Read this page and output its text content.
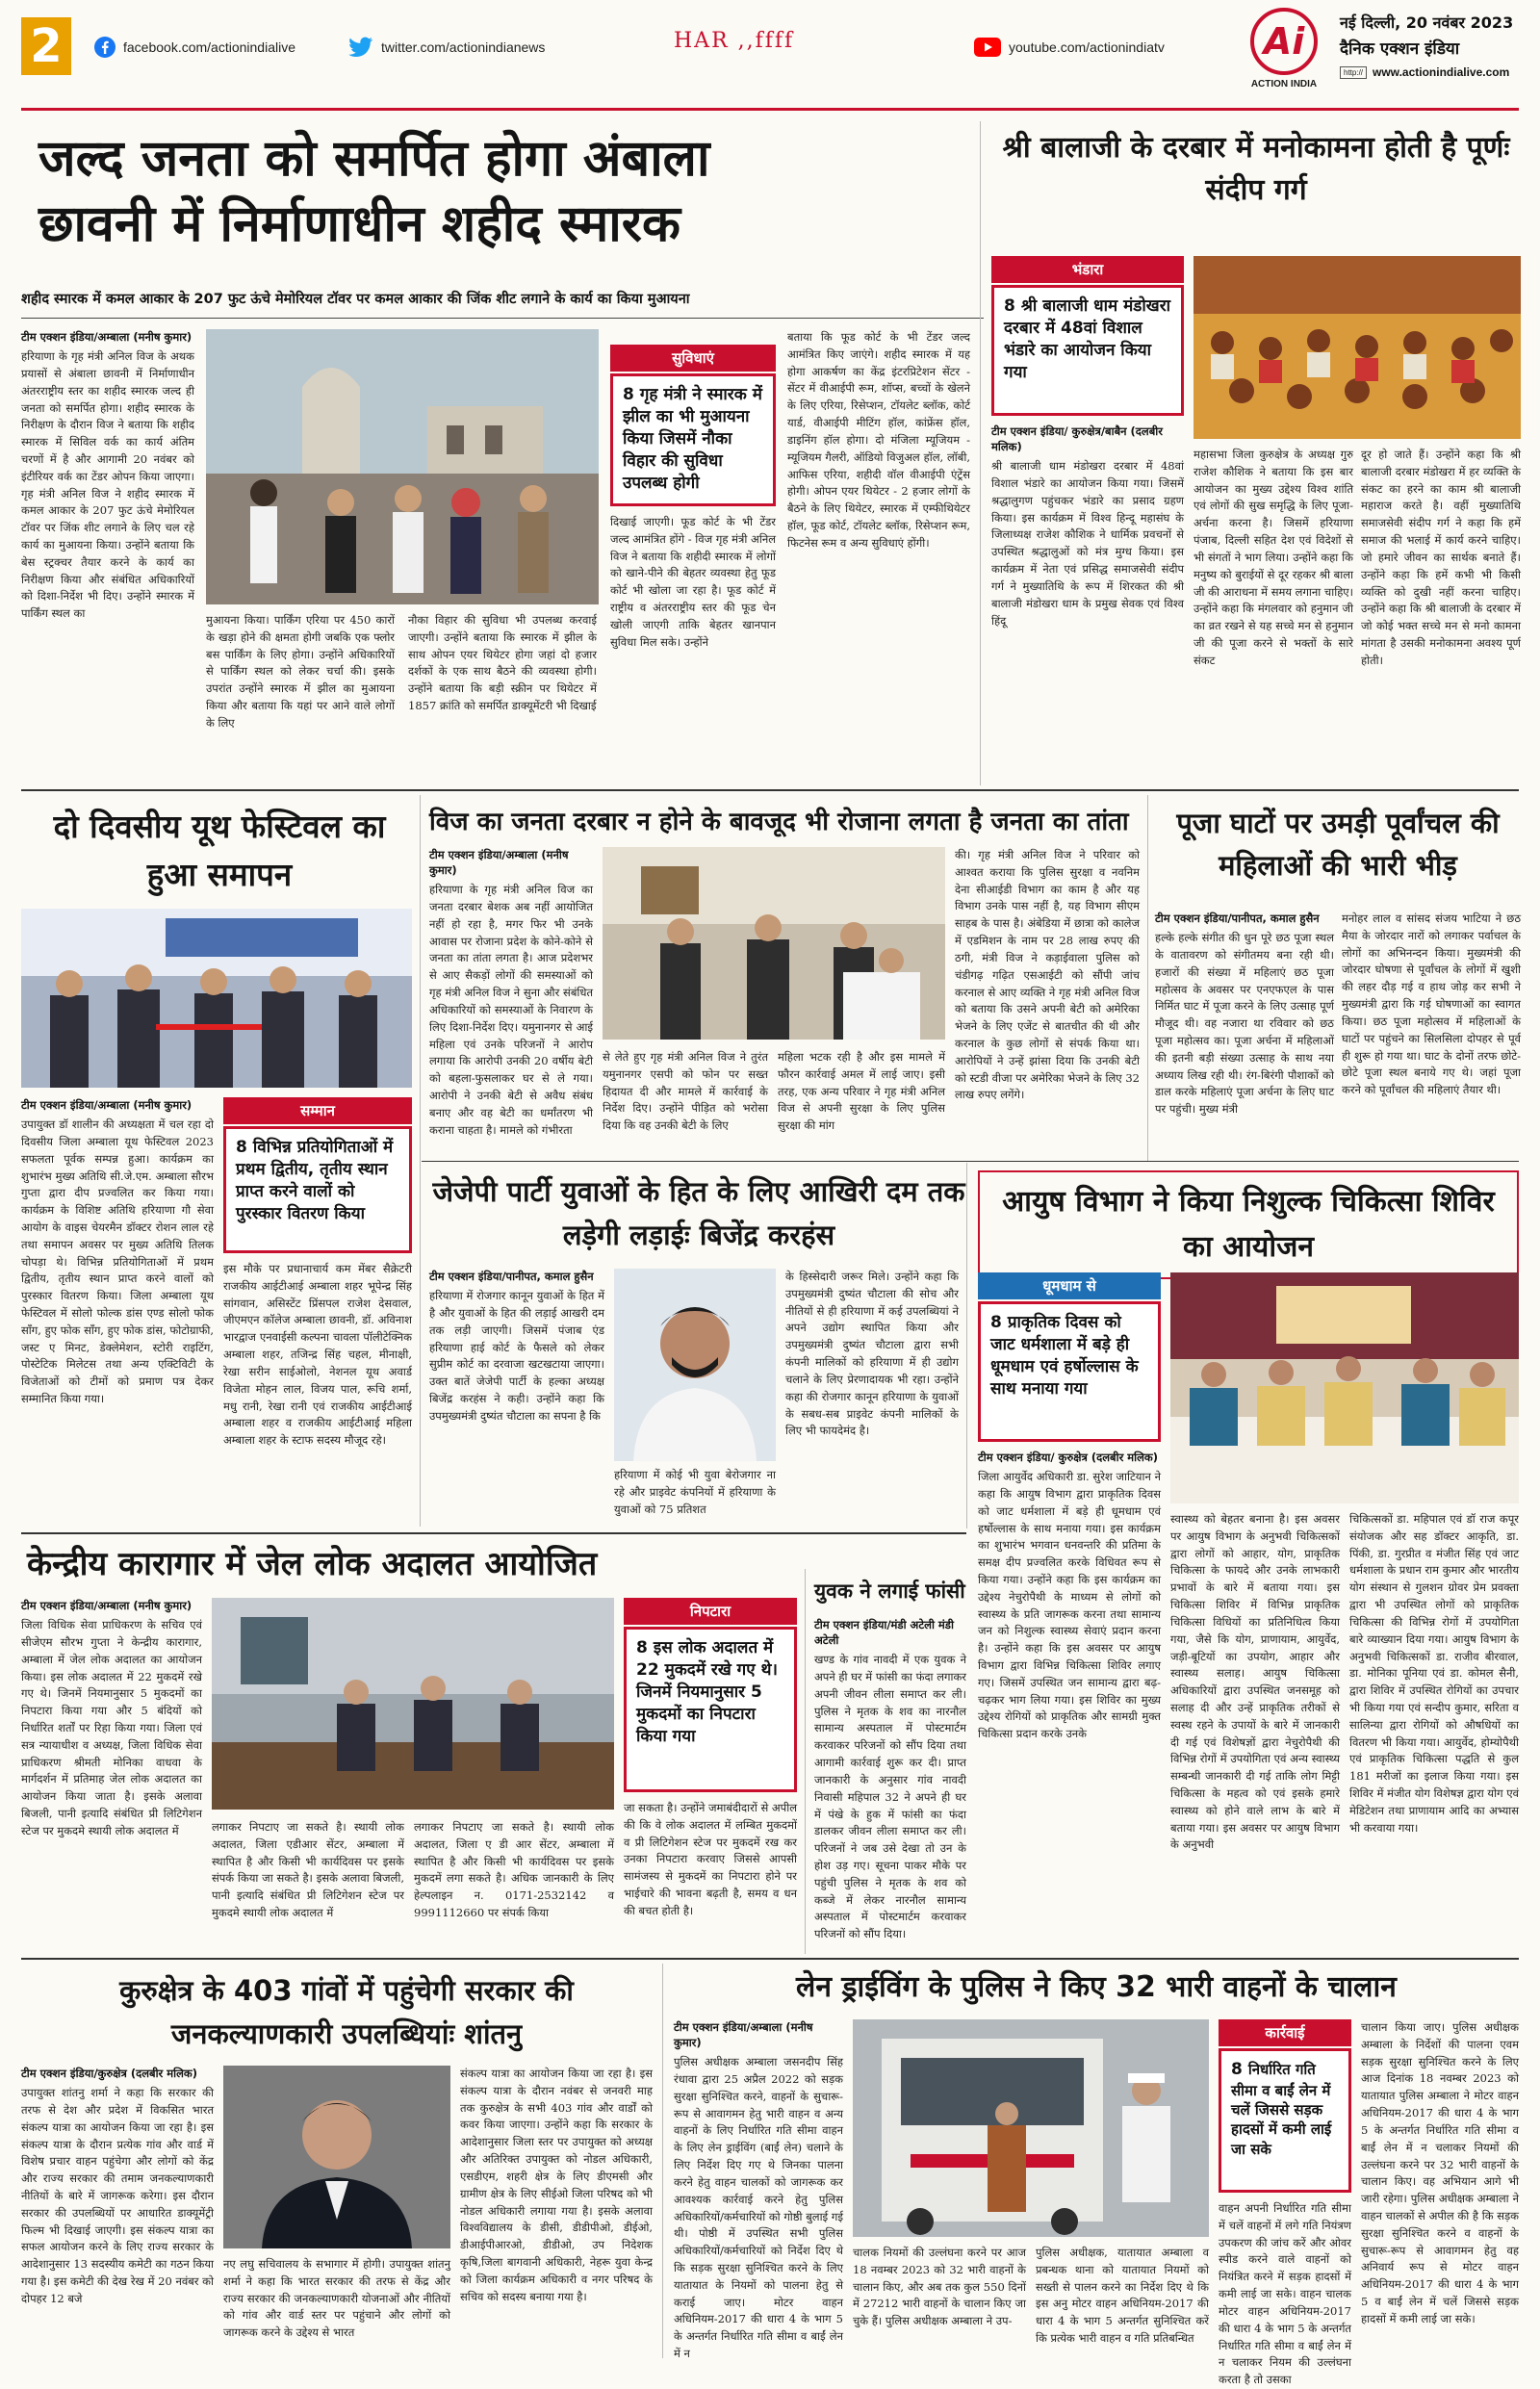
2	facebook.com/actionindialive	twitter.com/actionindianews	HAR ,,ffff	youtube.com/actionindiatv	Ai
ACTION INDIA
नई दिल्ली, 20 नवंबर 2023
दैनिक एक्शन इंडिया
http:// www.actionindialive.com
जल्द जनता को समर्पित होगा अंबाला
छावनी में निर्माणाधीन शहीद स्मारक
शहीद स्मारक में कमल आकार के 207 फुट ऊंचे मेमोरियल टॉवर पर कमल आकार की जिंक शीट लगाने के कार्य का किया मुआयना
टीम एक्शन इंडिया/अम्बाला (मनीष कुमार)
हरियाणा के गृह मंत्री अनिल विज के अथक प्रयासों से अंबाला छावनी में निर्माणाधीन अंतरराष्ट्रीय स्तर का शहीद स्मारक जल्द ही जनता को समर्पित होगा। शहीद स्मारक के निरीक्षण के दौरान विज ने बताया कि शहीद स्मारक में सिविल वर्क का कार्य अंतिम चरणों में है और आगामी 20 नवंबर को इंटीरियर वर्क का टेंडर ओपन किया जाएगा। गृह मंत्री अनिल विज ने शहीद स्मारक में कमल आकार के 207 फुट ऊंचे मेमोरियल टॉवर पर जिंक शीट लगाने के लिए चल रहे कार्य का मुआयना किया। उन्होंने बताया कि बेस स्ट्रक्चर तैयार करने के कार्य का निरीक्षण किया और संबंधित अधिकारियों को दिशा-निर्देश भी दिए। उन्होंने स्मारक में पार्किंग स्थल का	मुआयना किया। पार्किंग एरिया पर 450 कारों के खड़ा होने की क्षमता होगी जबकि एक फ्लोर बस पार्किंग के लिए होगा। उन्होंने अधिकारियों से पार्किंग स्थल को लेकर चर्चा की। इसके उपरांत उन्होंने स्मारक में झील का मुआयना किया और बताया कि यहां पर आने वाले लोगों के लिए
नौका विहार की सुविधा भी उपलब्ध करवाई जाएगी। उन्होंने बताया कि स्मारक में झील के साथ ओपन एयर थियेटर होगा जहां दो हजार दर्शकों के एक साथ बैठने की व्यवस्था होगी। उन्होंने बताया कि बड़ी स्क्रीन पर थियेटर में 1857 क्रांति को समर्पित डाक्यूमेंटरी भी दिखाई
सुविधाएं
8 गृह मंत्री ने स्मारक में झील का भी मुआयना किया जिसमें नौका विहार की सुविधा उपलब्ध होगी
दिखाई जाएगी। फूड कोर्ट के भी टेंडर जल्द आमंत्रित होंगे - विज गृह मंत्री अनिल विज ने बताया कि शहीदी स्मारक में लोगों को खाने-पीने की बेहतर व्यवस्था हेतु फूड कोर्ट भी खोला जा रहा है। फूड कोर्ट में राष्ट्रीय व अंतरराष्ट्रीय स्तर की फूड चेन खोली जाएगी ताकि बेहतर खानपान सुविधा मिल सके। उन्होंने
बताया कि फूड कोर्ट के भी टेंडर जल्द आमंत्रित किए जाएंगे। शहीद स्मारक में यह होगा आकर्षण का केंद्र इंटरप्रिटेशन सेंटर - सेंटर में वीआईपी रूम, शॉप्स, बच्चों के खेलने के लिए एरिया, रिसेप्शन, टॉयलेट ब्लॉक, कोर्ट यार्ड, वीआईपी मीटिंग हॉल, कांफ्रेंस हॉल, डाइनिंग हॉल होगा। दो मंजिला म्यूजियम - म्यूजियम गैलरी, ऑडियो विजुअल हॉल, लॉबी, आफिस एरिया, शहीदी वॉल वीआईपी एंट्रेंस होगी। ओपन एयर थियेटर - 2 हजार लोगों के बैठने के लिए थियेटर, स्मारक में एम्फीथियेटर हॉल, फूड कोर्ट, टॉयलेट ब्लॉक, रिसेप्शन रूम, फिटनेस रूम व अन्य सुविधाएं होंगी।
श्री बालाजी के दरबार में मनोकामना होती है पूर्णः संदीप गर्ग
भंडारा
8 श्री बालाजी धाम मंडोखरा दरबार में 48वां विशाल भंडारे का आयोजन किया गया
टीम एक्शन इंडिया/ कुरुक्षेत्र/बाबैन (दलबीर मलिक)
श्री बालाजी धाम मंडोखरा दरबार में 48वां विशाल भंडारे का आयोजन किया गया। जिसमें श्रद्धालुगण पहुंचकर भंडारे का प्रसाद ग्रहण किया। इस कार्यक्रम में विश्व हिन्दू महासंघ के जिलाध्यक्ष राजेश कौशिक ने धार्मिक प्रवचनों से उपस्थित श्रद्धालुओं को मंत्र मुग्ध किया। इस कार्यक्रम में नेता एवं प्रसिद्ध समाजसेवी संदीप गर्ग ने मुख्यातिथि के रूप में शिरकत की श्री बालाजी मंडोखरा धाम के प्रमुख सेवक एवं विश्व हिंदू
महासभा जिला कुरुक्षेत्र के अध्यक्ष गुरु राजेश कौशिक ने बताया कि इस बार आयोजन का मुख्य उद्देश्य विश्व शांति एवं लोगों की सुख समृद्धि के लिए पूजा-अर्चना करना है। जिसमें हरियाणा पंजाब, दिल्ली सहित देश एवं विदेशों से भी संगतों ने भाग लिया। उन्होंने कहा कि मनुष्य को बुराईयों से दूर रहकर श्री बाला जी की आराधना में समय लगाना चाहिए। उन्होंने कहा कि मंगलवार को हनुमान जी का व्रत रखने से यह सच्चे मन से हनुमान जी की पूजा करने से भक्तों के सारे संकट
दूर हो जाते हैं। उन्होंने कहा कि श्री बालाजी दरबार मंडोखरा में हर व्यक्ति के संकट का हरने का काम श्री बालाजी महाराज करते है। वहीं मुख्यातिथि समाजसेवी संदीप गर्ग ने कहा कि हमें समाज की भलाई में कार्य करने चाहिए। जो हमारे जीवन का सार्थक बनाते हैं। उन्होंने कहा कि हमें कभी भी किसी व्यक्ति को दुखी नहीं करना चाहिए। उन्होंने कहा कि श्री बालाजी के दरबार में जो कोई भक्त सच्चे मन से मनो कामना मांगता है उसकी मनोकामना अवश्य पूर्ण होती।
दो दिवसीय यूथ फेस्टिवल का हुआ समापन
टीम एक्शन इंडिया/अम्बाला (मनीष कुमार)
उपायुक्त डॉ शालीन की अध्यक्षता में चल रहा दो दिवसीय जिला अम्बाला यूथ फेस्टिवल 2023 सफलता पूर्वक सम्पन्न हुआ। कार्यक्रम का शुभारंभ मुख्य अतिथि सी.जे.एम. अम्बाला सौरभ गुप्ता द्वारा दीप प्रज्वलित कर किया गया। कार्यक्रम के विशिष्ट अतिथि हरियाणा गौ सेवा आयोग के वाइस चेयरमैन डॉक्टर रोशन लाल रहे तथा समापन अवसर पर मुख्य अतिथि तिलक चोपड़ा थे। विभिन्न प्रतियोगिताओं में प्रथम द्वितीय, तृतीय स्थान प्राप्त करने वालों को पुरस्कार वितरण किया। जिला अम्बाला यूथ फेस्टिवल में सोलो फोल्क डांस एण्ड सोलो फोक सॉंग, हुए फोक सॉंग, हुए फोक डांस, फोटोग्राफी, जस्ट ए मिनट, डेक्लेमेशन, स्टोरी राइटिंग, पोस्टेटिक मिलेटस तथा अन्य एक्टिविटी के विजेताओं को टीमों को प्रमाण पत्र देकर सम्मानित किया गया।
सम्मान
8 विभिन्न प्रतियोगिताओं में प्रथम द्वितीय, तृतीय स्थान प्राप्त करने वालों को पुरस्कार वितरण किया
इस मौके पर प्रधानाचार्य कम मेंबर सैक्रेटरी राजकीय आईटीआई अम्बाला शहर भूपेन्द्र सिंह सांगवान, असिस्टेंट प्रिंसपल राजेश देसवाल, जीएमएन कॉलेज अम्बाला छावनी, डॉ. अविनाश भारद्वाज एनवाईसी कल्पना चावला पॉलीटेक्निक अम्बाला शहर, तजिन्द्र सिंह चहल, मीनाक्षी, रेखा सरीन साईओलो, नेशनल यूथ अवार्ड विजेता मोहन लाल, विजय पाल, रूचि शर्मा, मधु रानी, रेखा रानी एवं राजकीय आईटीआई अम्बाला शहर व राजकीय आईटीआई महिला अम्बाला शहर के स्टाफ सदस्य मौजूद रहे।
विज का जनता दरबार न होने के बावजूद भी रोजाना लगता है जनता का तांता
टीम एक्शन इंडिया/अम्बाला (मनीष कुमार)
हरियाणा के गृह मंत्री अनिल विज का जनता दरबार बेशक अब नहीं आयोजित नहीं हो रहा है, मगर फिर भी उनके आवास पर रोजाना प्रदेश के कोने-कोने से जनता का तांता लगता है। आज प्रदेशभर से आए सैकड़ों लोगों की समस्याओं को गृह मंत्री अनिल विज ने सुना और संबंधित अधिकारियों को समस्याओं के निवारण के लिए दिशा-निर्देश दिए। यमुनानगर से आई महिला एवं उनके परिजनों ने आरोप लगाया कि आरोपी उनकी 20 वर्षीय बेटी को बहला-फुसलाकर घर से ले गया। आरोपी ने उनकी बेटी से अवैध संबंध बनाए और वह बेटी का धर्मांतरण भी कराना चाहता है। मामले को गंभीरता
से लेते हुए गृह मंत्री अनिल विज ने तुरंत यमुनानगर एसपी को फोन पर सख्त हिदायत दी और मामले में कार्रवाई के निर्देश दिए। उन्होंने पीड़ित को भरोसा दिया कि वह उनकी बेटी के लिए
महिला भटक रही है और इस मामले में फौरन कार्रवाई अमल में लाई जाए। इसी तरह, एक अन्य परिवार ने गृह मंत्री अनिल विज से अपनी सुरक्षा के लिए पुलिस सुरक्षा की मांग
की। गृह मंत्री अनिल विज ने परिवार को आश्वत कराया कि पुलिस सुरक्षा व नवनिम देना सीआईडी विभाग का काम है और यह विभाग उनके पास नहीं है, यह विभाग सीएम साहब के पास है। अंबेडिया में छात्रा को कालेज में एडमिशन के नाम पर 28 लाख रुपए की ठगी, मंत्री विज ने कड़ाईवाला पुलिस को चंडीगढ़ गढ़ित एसआईटी को सौंपी जांच करनाल से आए व्यक्ति ने गृह मंत्री अनिल विज को बताया कि उसने अपनी बेटी को अमेरिका भेजने के लिए एजेंट से बातचीत की थी और करनाल के कुछ लोगों से संपर्क किया था। आरोपियों ने उन्हें झांसा दिया कि उनकी बेटी को स्टडी वीजा पर अमेरिका भेजने के लिए 32 लाख रुपए लगेंगे।
पूजा घाटों पर उमड़ी पूर्वांचल की महिलाओं की भारी भीड़
टीम एक्शन इंडिया/पानीपत, कमाल हुसैन
हल्के हल्के संगीत की धुन पूरे छठ पूजा स्थल के वातावरण को संगीतमय बना रही थी। हजारों की संख्या में महिलाएं छठ पूजा महोत्सव के अवसर पर एनएफएल के पास निर्मित घाट में पूजा करने के लिए उत्साह पूर्ण मौजूद थी। वह नजारा था रविवार को छठ पूजा महोत्सव का। पूजा अर्चना में महिलाओं की इतनी बड़ी संख्या उत्साह के साथ नया अध्याय लिख रही थी। रंग-बिरंगी पौशाकों को डाल करके महिलाएं पूजा अर्चना के लिए घाट पर पहुंची। मुख्य मंत्री
मनोहर लाल व सांसद संजय भाटिया ने छठ मैया के जोरदार नारों को लगाकर पर्वाचल के लोगों का अभिनन्दन किया। मुख्यमंत्री की जोरदार घोषणा से पूर्वांचल के लोगों में खुशी की लहर दौड़ गई व हाथ जोड़ कर सभी ने मुख्यमंत्री द्वारा कि गई घोषणाओं का स्वागत किया। छठ पूजा महोत्सव में महिलाओं के घाटों पर पहुंचने का सिलसिला दोपहर से पूर्व ही शुरू हो गया था। घाट के दोनों तरफ छोटे-छोटे पूजा स्थल बनाये गए थे। जहां पूजा करने को पूर्वांचल की महिलाएं तैयार थी।
जेजेपी पार्टी युवाओं के हित के लिए आखिरी दम तक लड़ेगी लड़ाईः बिजेंद्र करहंस
टीम एक्शन इंडिया/पानीपत, कमाल हुसैन
हरियाणा में रोजगार कानून युवाओं के हित में है और युवाओं के हित की लड़ाई आखरी दम तक लड़ी जाएगी। जिसमें पंजाब एंड हरियाणा हाई कोर्ट के फैसले को लेकर सुप्रीम कोर्ट का दरवाजा खटखटाया जाएगा। उक्त बातें जेजेपी पार्टी के हल्का अध्यक्ष बिजेंद्र करहंस ने कही। उन्होंने कहा कि उपमुख्यमंत्री दुष्यंत चौटाला का सपना है कि
हरियाणा में कोई भी युवा बेरोजगार ना रहे और प्राइवेट कंपनियों में हरियाणा के युवाओं को 75 प्रतिशत
के हिस्सेदारी जरूर मिले। उन्होंने कहा कि उपमुख्यमंत्री दुष्यंत चौटाला की सोच और नीतियों से ही हरियाणा में कई उपलब्धियां ने अपने उद्योग स्थापित किया और उपमुख्यमंत्री दुष्यंत चौटाला द्वारा सभी कंपनी मालिकों को हरियाणा में ही उद्योग चलाने के लिए प्रेरणादायक भी रहा। उन्होंने कहा की रोजगार कानून हरियाणा के युवाओं के सबध-सब प्राइवेट कंपनी मालिकों के लिए भी फायदेमंद है।
आयुष विभाग ने किया निशुल्क चिकित्सा शिविर का आयोजन
धूमधाम से
8 प्राकृतिक दिवस को जाट धर्मशाला में बड़े ही धूमधाम एवं हर्षोल्लास के साथ मनाया गया
टीम एक्शन इंडिया/ कुरुक्षेत्र (दलबीर मलिक)
जिला आयुर्वेद अधिकारी डा. सुरेश जाटियान ने कहा कि आयुष विभाग द्वारा प्राकृतिक दिवस को जाट धर्मशाला में बड़े ही धूमधाम एवं हर्षोल्लास के साथ मनाया गया। इस कार्यक्रम का शुभारंभ भगवान धनवन्तरि की प्रतिमा के समक्ष दीप प्रज्वलित करके विधिवत रूप से किया गया। उन्होंने कहा कि इस कार्यक्रम का उद्देश्य नेचुरोपैथी के माध्यम से लोगों को स्वास्थ्य के प्रति जागरूक करना तथा सामान्य जन को निशुल्क स्वास्थ्य सेवाएं प्रदान करना है। उन्होंने कहा कि इस अवसर पर आयुष विभाग द्वारा विभिन्न चिकित्सा शिविर लगाए गए। जिसमें उपस्थित जन सामान्य द्वारा बढ़-चढ़कर भाग लिया गया। इस शिविर का मुख्य उद्देश्य रोगियों को प्राकृतिक और सामग्री मुक्त चिकित्सा प्रदान करके उनके
स्वास्थ्य को बेहतर बनाना है। इस अवसर पर आयुष विभाग के अनुभवी चिकित्सकों द्वारा लोगों को आहार, योग, प्राकृतिक चिकित्सा के फायदे और उनके लाभकारी प्रभावों के बारे में बताया गया। इस चिकित्सा शिविर में विभिन्न प्राकृतिक चिकित्सा विधियों का प्रतिनिधित्व किया गया, जैसे कि योग, प्राणायाम, आयुर्वेद, जड़ी-बूटियों का उपयोग, आहार और स्वास्थ्य सलाह। आयुष चिकित्सा अधिकारियों द्वारा उपस्थित जनसमूह को सलाह दी और उन्हें प्राकृतिक तरीकों से स्वस्थ रहने के उपायों के बारे में जानकारी दी गई एवं विशेषज्ञों द्वारा नेचुरोपैथी की विभिन्न रोगों में उपयोगिता एवं अन्य स्वास्थ्य सम्बन्धी जानकारी दी गई ताकि लोग मिट्टी चिकित्सा के महत्व को एवं इसके हमारे स्वास्थ्य को होने वाले लाभ के बारे में बताया गया। इस अवसर पर आयुष विभाग के अनुभवी
चिकित्सकों डा. महिपाल एवं डॉ राज कपूर संयोजक और सह डॉक्टर आकृति, डा. पिंकी, डा. गुरप्रीत व मंजीत सिंह एवं जाट धर्मशाला के प्रधान राम कुमार और भारतीय योग संस्थान से गुलशन ग्रोवर प्रेम प्रवक्ता द्वारा भी उपस्थित लोगों को प्राकृतिक चिकित्सा की विभिन्न रोगों में उपयोगिता बारे व्याख्यान दिया गया। आयुष विभाग के अनुभवी चिकित्सकों डा. राजीव बीरवाल, डा. मोनिका पूनिया एवं डा. कोमल सैनी, द्वारा शिविर में उपस्थित रोगियों का उपचार भी किया गया एवं सन्दीप कुमार, सरिता व सालिन्या द्वारा रोगियों को औषधियों का वितरण भी किया गया। आयुर्वेद, होम्योपैथी एवं प्राकृतिक चिकित्सा पद्धति से कुल 181 मरीजों का इलाज किया गया। इस शिविर में मंजीत योग विशेषज्ञ द्वारा योग एवं मेडिटेशन तथा प्राणायाम आदि का अभ्यास भी करवाया गया।
केन्द्रीय कारागार में जेल लोक अदालत आयोजित
टीम एक्शन इंडिया/अम्बाला (मनीष कुमार)
जिला विधिक सेवा प्राधिकरण के सचिव एवं सीजेएम सौरभ गुप्ता ने केन्द्रीय कारागार, अम्बाला में जेल लोक अदालत का आयोजन किया। इस लोक अदालत में 22 मुकदमें रखे गए थे। जिनमें नियमानुसार 5 मुकदमों का निपटारा किया गया और 5 बंदियों को निर्धारित शर्तों पर रिहा किया गया। जिला एवं सत्र न्यायाधीश व अध्यक्ष, जिला विधिक सेवा प्राधिकरण श्रीमती मोनिका वाधवा के मार्गदर्शन में प्रतिमाह जेल लोक अदालत का आयोजन किया जाता है। इसके अलावा बिजली, पानी इत्यादि संबंधित प्री लिटिगेशन स्टेज पर मुकदमे स्थायी लोक अदालत में	लगाकर निपटाए जा सकते है। स्थायी लोक अदालत, जिला एडीआर सेंटर, अम्बाला में स्थापित है और किसी भी कार्यदिवस पर इसके संपर्क किया जा सकते है। इसके अलावा बिजली, पानी इत्यादि संबंधित प्री लिटिगेशन स्टेज पर मुकदमे स्थायी लोक अदालत में
लगाकर निपटाए जा सकते है। स्थायी लोक अदालत, जिला ए डी आर सेंटर, अम्बाला में स्थापित है और किसी भी कार्यदिवस पर इसके मुकदमें लगा सकते है। अधिक जानकारी के लिए हेल्पलाइन न. 0171-2532142 व 9991112660 पर संपर्क किया
निपटारा
8 इस लोक अदालत में 22 मुकदमें रखे गए थे। जिनमें नियमानुसार 5 मुकदमों का निपटारा किया गया
जा सकता है। उन्होंने जमाबंदीदारों से अपील की कि वे लोक अदालत में लम्बित मुकदमों व प्री लिटिगेशन स्टेज पर मुकदमें रख कर उनका निपटारा करवाए जिससे आपसी सामंजस्य से मुकदमें का निपटारा होने पर भाईचारे की भावना बढ़ती है, समय व धन की बचत होती है।
युवक ने लगाई फांसी
टीम एक्शन इंडिया/मंडी अटेली मंडी अटेली
खण्ड के गांव नावदी में एक युवक ने अपने ही घर में फांसी का फंदा लगाकर अपनी जीवन लीला समाप्त कर ली। पुलिस ने मृतक के शव का नारनौल सामान्य अस्पताल में पोस्टमार्टम करवाकर परिजनों को सौंप दिया तथा आगामी कार्रवाई शुरू कर दी। प्राप्त जानकारी के अनुसार गांव नावदी निवासी महिपाल 32 ने अपने ही घर में पंखे के हुक में फांसी का फंदा डालकर जीवन लीला समाप्त कर ली। परिजनों ने जब उसे देखा तो उन के होश उड़ गए। सूचना पाकर मौके पर पहुंची पुलिस ने मृतक के शव को कब्जे में लेकर नारनौल सामान्य अस्पताल में पोस्टमार्टम करवाकर परिजनों को सौंप दिया।
कुरुक्षेत्र के 403 गांवों में पहुंचेगी सरकार की
जनकल्याणकारी उपलब्धियांः शांतनु
टीम एक्शन इंडिया/कुरुक्षेत्र (दलबीर मलिक)
उपायुक्त शांतनु शर्मा ने कहा कि सरकार की तरफ से देश और प्रदेश में विकसित भारत संकल्प यात्रा का आयोजन किया जा रहा है। इस संकल्प यात्रा के दौरान प्रत्येक गांव और वार्ड में विशेष प्रचार वाहन पहुंचेगा और लोगों को केंद्र और राज्य सरकार की तमाम जनकल्याणकारी नीतियों के बारे में जागरूक करेगा। इस दौरान सरकार की उपलब्धियों पर आधारित डाक्यूमेंट्री फिल्म भी दिखाई जाएगी। इस संकल्प यात्रा का सफल आयोजन करने के लिए राज्य सरकार के आदेशानुसार 13 सदस्यीय कमेटी का गठन किया गया है। इस कमेटी की देख रेख में 20 नवंबर को दोपहर 12 बजे
नए लघु सचिवालय के सभागार में होगी। उपायुक्त शांतनु शर्मा ने कहा कि भारत सरकार की तरफ से केंद्र और राज्य सरकार की जनकल्याणकारी योजनाओं और नीतियों को गांव और वार्ड स्तर पर पहुंचाने और लोगों को जागरूक करने के उद्देश्य से भारत
संकल्प यात्रा का आयोजन किया जा रहा है। इस संकल्प यात्रा के दौरान नवंबर से जनवरी माह तक कुरुक्षेत्र के सभी 403 गांव और वार्डों को कवर किया जाएगा। उन्होंने कहा कि सरकार के आदेशानुसार जिला स्तर पर उपायुक्त को अध्यक्ष और अतिरिक्त उपायुक्त को नोडल अधिकारी, एसडीएम, शहरी क्षेत्र के लिए डीएमसी और ग्रामीण क्षेत्र के लिए सीईओ जिला परिषद को भी नोडल अधिकारी लगाया गया है। इसके अलावा विश्वविद्यालय के डीसी, डीडीपीओ, डीईओ, डीआईपीआरओ, डीडीओ, उप निदेशक कृषि,जिला बागवानी अधिकारी, नेहरू युवा केन्द्र को जिला कार्यक्रम अधिकारी व नगर परिषद के सचिव को सदस्य बनाया गया है।
लेन ड्राईविंग के पुलिस ने किए 32 भारी वाहनों के चालान
टीम एक्शन इंडिया/अम्बाला (मनीष कुमार)
पुलिस अधीक्षक अम्बाला जसनदीप सिंह रंधावा द्वारा 25 अप्रैल 2022 को सड़क सुरक्षा सुनिश्चित करने, वाहनों के सुचारू-रूप से आवागमन हेतु भारी वाहन व अन्य वाहनों के लिए निर्धारित गति सीमा वाहन के लिए लेन ड्राईविंग (बाईं लेन) चलाने के लिए निर्देश दिए गए थे जिनका पालना करने हेतु वाहन चालकों को जागरूक कर आवश्यक कार्रवाई करने हेतु पुलिस अधिकारियों/कर्मचारियों को गोष्ठी बुलाई गई थी। पोष्ठी में उपस्थित सभी पुलिस अधिकारियों/कर्मचारियों को निर्देश दिए थे कि सड़क सुरक्षा सुनिश्चित करने के लिए यातायात के नियमों को पालना हेतु से कराई जाए। मोटर वाहन अधिनियम-2017 की धारा 4 के भाग 5 के अन्तर्गत निर्धारित गति सीमा व बाईं लेन में न
चालक नियमों की उल्लंघना करने पर आज 18 नवम्बर 2023 को 32 भारी वाहनों के चालान किए, और अब तक कुल 550 दिनों में 27212 भारी वाहनों के चालान किए जा चुके हैं। पुलिस अधीक्षक अम्बाला ने उप-
पुलिस अधीक्षक, यातायात अम्बाला व प्रबन्धक थाना को यातायात नियमों को सख्ती से पालन करने का निर्देश दिए थे कि इस अनु मोटर वाहन अधिनियम-2017 की धारा 4 के भाग 5 अन्तर्गत सुनिश्चित करें कि प्रत्येक भारी वाहन व गति प्रतिबन्धित
कार्रवाई
8 निर्धारित गति सीमा व बाईं लेन में चलें जिससे सड़क हादसों में कमी लाई जा सके
वाहन अपनी निर्धारित गति सीमा में चलें वाहनों में लगे गति नियंत्रण उपकरण की जांच करें और ओवर स्पीड करने वाले वाहनों को नियंत्रित करने में सड़क हादसों में कमी लाई जा सके। वाहन चालक मोटर वाहन अधिनियम-2017 की धारा 4 के भाग 5 के अन्तर्गत निर्धारित गति सीमा व बाईं लेन में न चलाकर नियम की उल्लंघना करता है तो उसका
चालान किया जाए। पुलिस अधीक्षक अम्बाला के निर्देशों की पालना एवम सड़क सुरक्षा सुनिश्चित करने के लिए आज दिनांक 18 नवम्बर 2023 को यातायात पुलिस अम्बाला ने मोटर वाहन अधिनियम-2017 की धारा 4 के भाग 5 के अन्तर्गत निर्धारित गति सीमा व बाईं लेन में न चलाकर नियमों की उल्लंघना करने पर 32 भारी वाहनों के चालान किए। वह अभियान आगे भी जारी रहेगा। पुलिस अधीक्षक अम्बाला ने वाहन चालकों से अपील की है कि सड़क सुरक्षा सुनिश्चित करने व वाहनों के सुचारू-रूप से आवागमन हेतु वह अनिवार्य रूप से मोटर वाहन अधिनियम-2017 की धारा 4 के भाग 5 व बाईं लेन में चलें जिससे सड़क हादसों में कमी लाई जा सके।
